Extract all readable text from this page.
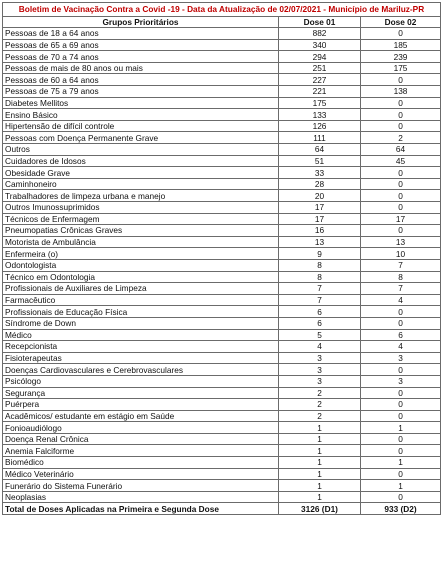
Boletim de Vacinação Contra a Covid -19 - Data da Atualização de 02/07/2021 - Município de Mariluz-PR		
Grupos Prioritários	Dose 01	Dose 02
Pessoas de 18 a 64 anos	882	0
Pessoas de 65 a 69 anos	340	185
Pessoas de 70 a 74 anos	294	239
Pessoas de mais de 80 anos ou mais	251	175
Pessoas de 60 a 64 anos	227	0
Pessoas de 75 a 79 anos	221	138
Diabetes Mellitos	175	0
Ensino Básico	133	0
Hipertensão de difícil controle	126	0
Pessoas com Doença Permanente Grave	111	2
Outros	64	64
Cuidadores de Idosos	51	45
Obesidade Grave	33	0
Caminhoneiro	28	0
Trabalhadores de limpeza urbana e manejo	20	0
Outros Imunossuprimidos	17	0
Técnicos de Enfermagem	17	17
Pneumopatias Crônicas Graves	16	0
Motorista de Ambulância	13	13
Enfermeira (o)	9	10
Odontologista	8	7
Técnico em Odontologia	8	8
Profissionais de Auxiliares de Limpeza	7	7
Farmacêutico	7	4
Profissionais de Educação Física	6	0
Síndrome de Down	6	0
Médico	5	6
Recepcionista	4	4
Fisioterapeutas	3	3
Doenças Cardiovasculares e Cerebrovasculares	3	0
Psicólogo	3	3
Segurança	2	0
Puérpera	2	0
Acadêmicos/ estudante em estágio em Saúde	2	0
Fonioaudiólogo	1	1
Doença Renal Crônica	1	0
Anemia Falciforme	1	0
Biomédico	1	1
Médico Veterinário	1	0
Funerário do Sistema Funerário	1	1
Neoplasias	1	0
Total de Doses Aplicadas na Primeira e Segunda Dose	3126 (D1)	933 (D2)
